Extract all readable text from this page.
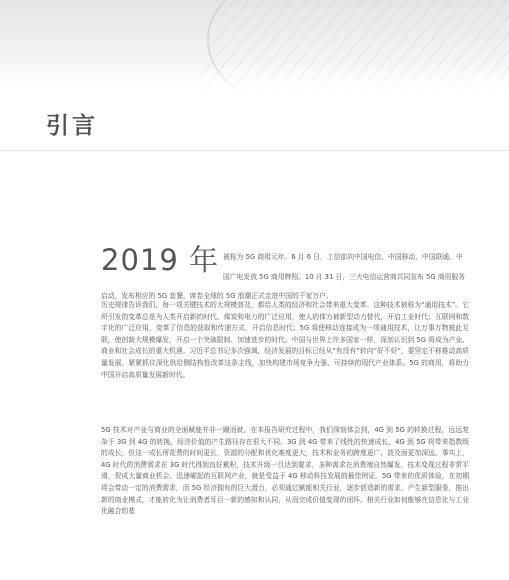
引言
2019 年 被称为 5G 商用元年。6 月 6 日，工信部向中国电信、中国移动、中国联通、中国广电发放 5G 商用牌照。10 月 31 日，三大电信运营商共同宣布 5G 商用服务启动，发布相应的 5G 套餐，席卷全球的 5G 浪潮正式走进中国的千家万户。
历史规律告诉我们，每一项关键技术的大规模普及，都给人类的经济和社会带来重大变革。这种技术被称为“通用技术”。它所引发的变革总是为人类开启新的时代。煤炭和电力的广泛应用，使人的体力被新型动力替代，开启工业时代；互联网和数字化的广泛应用，变革了信息的获取和传递方式，开启信息时代；5G 将使移动连接成为一项通用技术，让万事万物被此互联，使创新大规模爆发，开启一个突破限制、加速进步的时代。中国与世界上许多国家一样，深刻认识到 5G 将成为产业、商业和社会成长的重大机遇。习近平总书记多次强调，经济发展的目标已经从“有没有”转向“好不好”，要坚定不移推动高质量发展。紧紧抓住深化供给侧结构性改革这条主线，加快构建市场竞争力强、可持续的现代产业体系。5G 的商用，将助力中国开启高质量发展新时代。
5G 技术对产业与商业的全面赋能并非一蹴而就。在本报告研究过程中，我们深刻体会到，4G 到 5G 的转换过程，远远复杂于 3G 到 4G 的转换，经济价值的产生路径存在很大不同。3G 到 4G 带来了线性的快速成长，4G 到 5G 将带来指数级的成长，但这一成长所花费的时间更长，资源的分配和优化难度更大，技术和业务的跨度更广，波及面更加深远。事实上，4G 时代的消费需求在 3G 时代得到良好累积，技术升级一旦达到要求，多种需求在消费端自然爆发，技术变现过程非常平滑，促成大量商业机会。迅速崛起的互联网产业，就是受益于 4G 移动科技发展的最佳例证。5G 带来的优质体验，在初期将会带动一定的消费需求，而 5G 经济拥有的巨大潜力，必须通过赋能相关行业，逐步创造新的需求，产生新型服务，推出新的商业模式，才能转化为让消费者耳目一新的感知和认同，从而完成价值变现的闭环。相关行业如何能够在信息化与工业化融合的基
